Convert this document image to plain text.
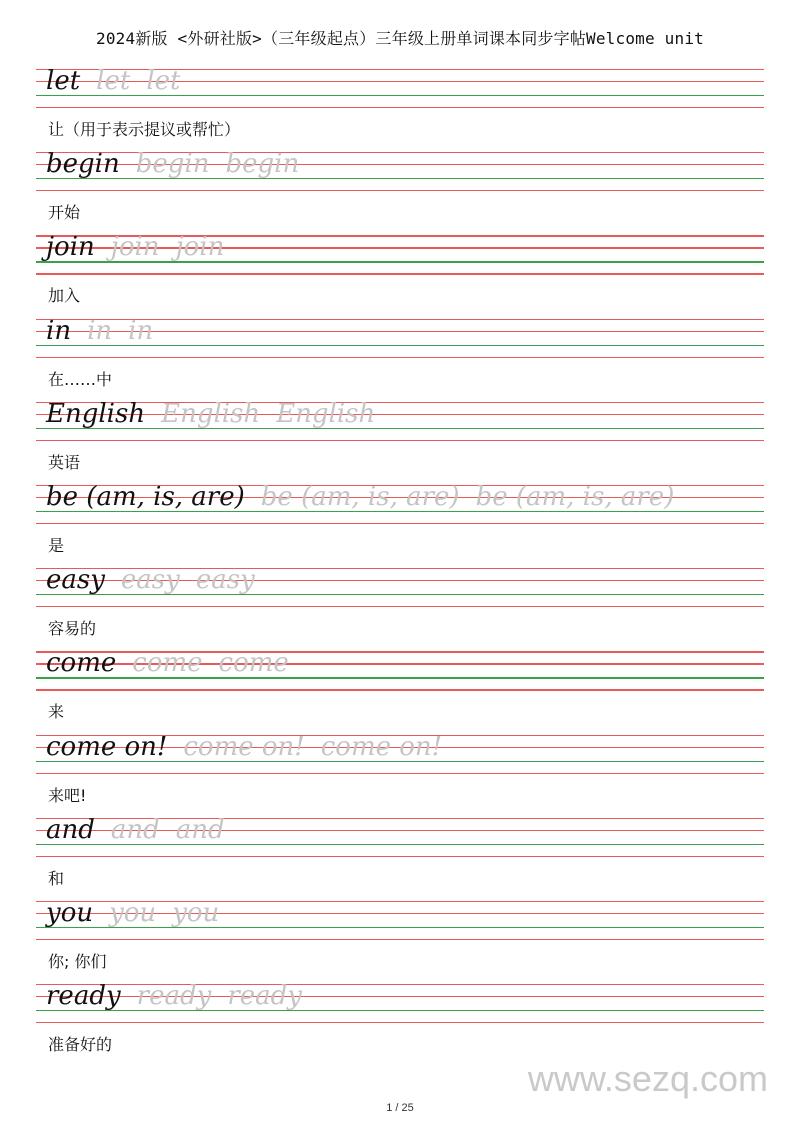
2024新版 <外研社版>（三年级起点）三年级上册单词课本同步字帖Welcome unit
let let let
让（用于表示提议或帮忙）
begin begin begin
开始
join join join
加入
in in in
在……中
English English English
英语
be (am, is, are) be (am, is, are) be (am, is, are)
是
easy easy easy
容易的
come come come
来
come on! come on! come on!
来吧!
and and and
和
you you you
你; 你们
ready ready ready
准备好的
www.sezq.com
1 / 25
